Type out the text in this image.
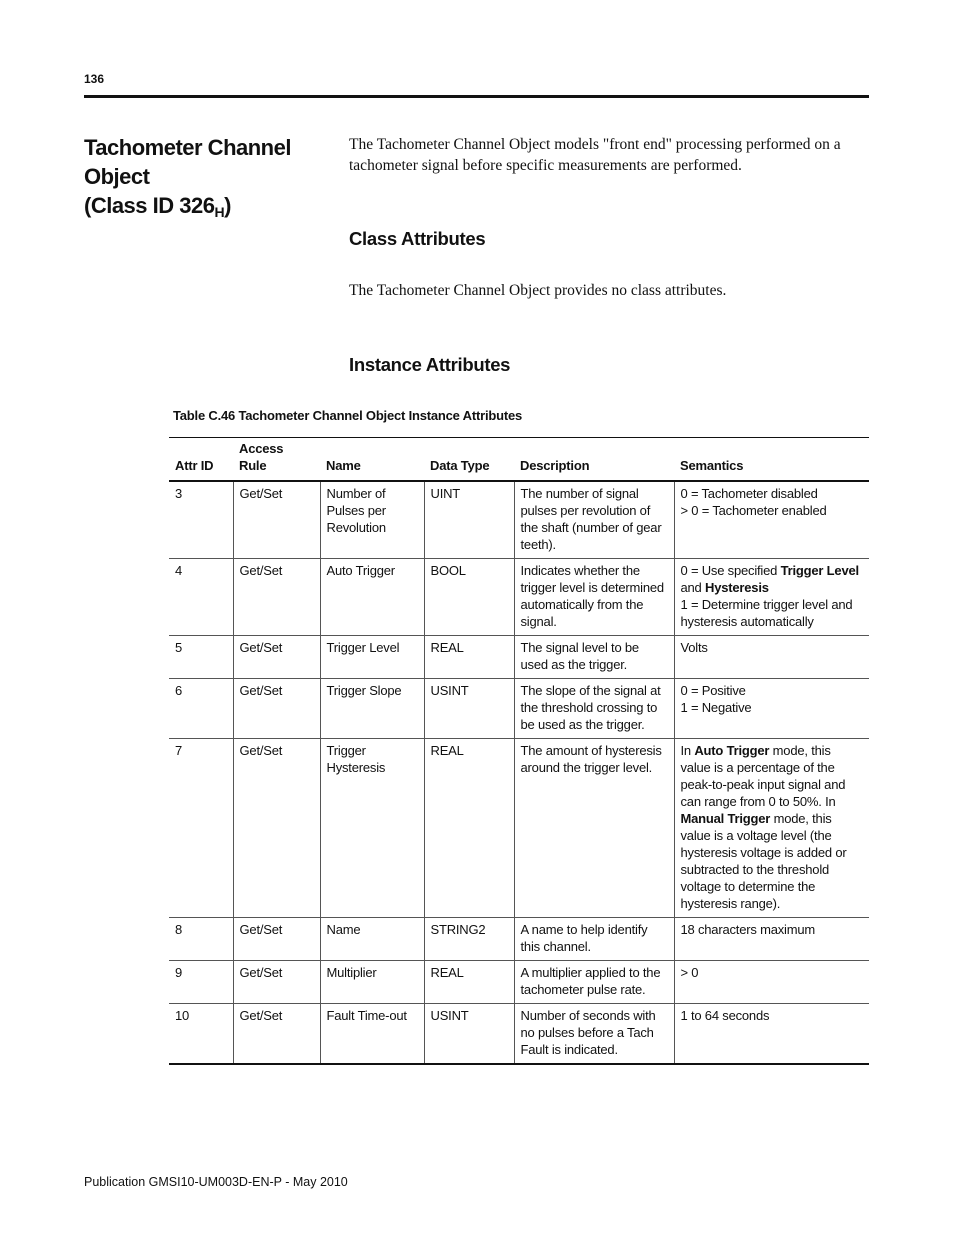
136
Tachometer Channel Object
(Class ID $326_H$)
The Tachometer Channel Object models "front end" processing performed on a tachometer signal before specific measurements are performed.
Class Attributes
The Tachometer Channel Object provides no class attributes.
Instance Attributes
Table C.46 Tachometer Channel Object Instance Attributes
Attr ID	Access Rule	Name	Data Type	Description	Semantics
3	Get/Set	Number of Pulses per Revolution	UINT	The number of signal pulses per revolution of the shaft (number of gear teeth).	0 = Tachometer disabled
> 0 = Tachometer enabled

4	Get/Set	Auto Trigger	BOOL	Indicates whether the trigger level is determined automatically from the signal.	0 = Use specified Trigger Level and Hysteresis
1 = Determine trigger level and hysteresis automatically

5	Get/Set	Trigger Level	REAL	The signal level to be used as the trigger.	Volts

6	Get/Set	Trigger Slope	USINT	The slope of the signal at the threshold crossing to be used as the trigger.	0 = Positive
1 = Negative

7	Get/Set	Trigger Hysteresis	REAL	The amount of hysteresis around the trigger level.	In Auto Trigger mode, this value is a percentage of the peak-to-peak input signal and can range from 0 to 50%. In Manual Trigger mode, this value is a voltage level (the hysteresis voltage is added or subtracted to the threshold voltage to determine the hysteresis range).

8	Get/Set	Name	STRING2	A name to help identify this channel.	18 characters maximum

9	Get/Set	Multiplier	REAL	A multiplier applied to the tachometer pulse rate.	> 0

10	Get/Set	Fault Time-out	USINT	Number of seconds with no pulses before a Tach Fault is indicated.	1 to 64 seconds
Publication GMSI10-UM003D-EN-P - May 2010
